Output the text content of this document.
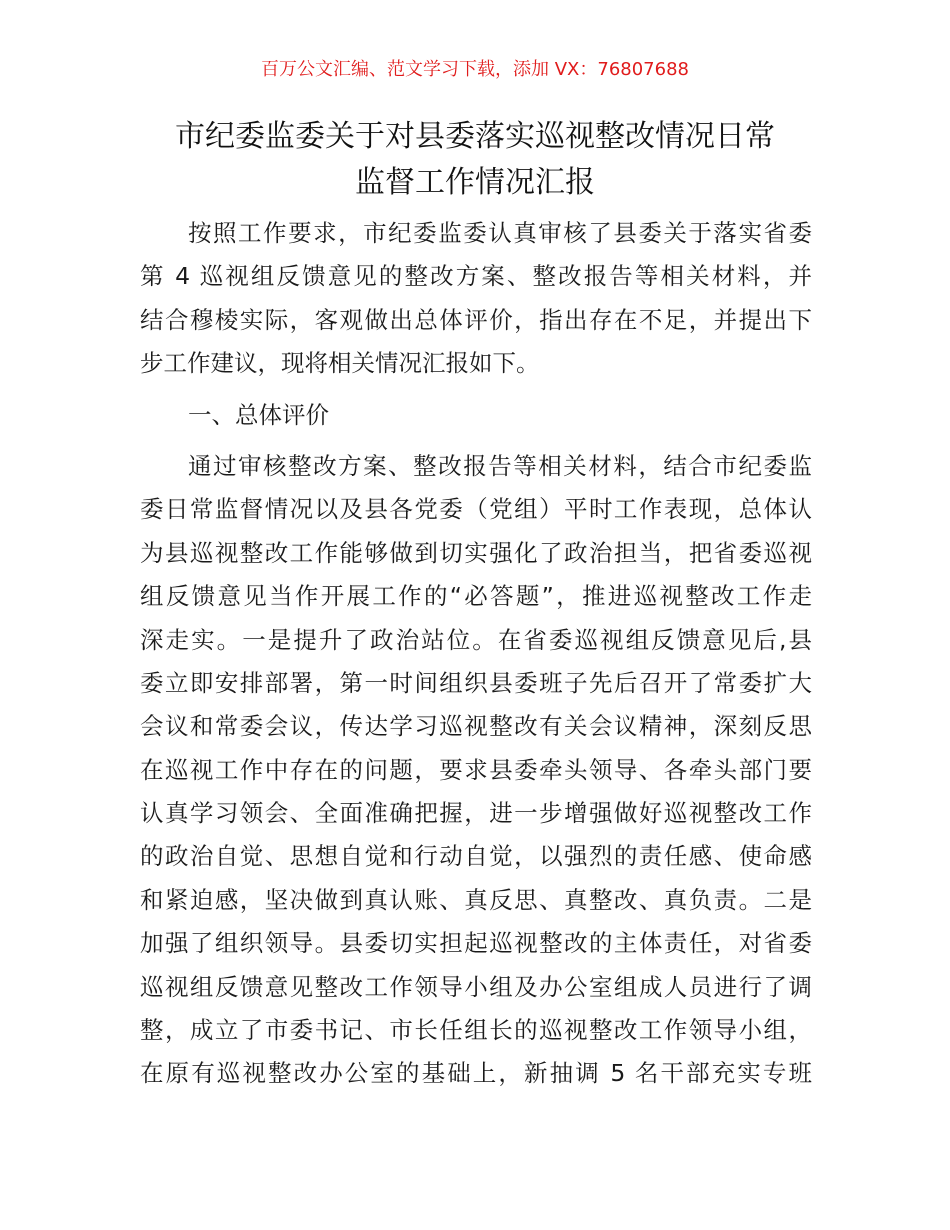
百万公文汇编、范文学习下载，添加 VX：76807688
市纪委监委关于对县委落实巡视整改情况日常
监督工作情况汇报
按照工作要求，市纪委监委认真审核了县委关于落实省委
第 4 巡视组反馈意见的整改方案、整改报告等相关材料，并
结合穆棱实际，客观做出总体评价，指出存在不足，并提出下
步工作建议，现将相关情况汇报如下。
一、总体评价
通过审核整改方案、整改报告等相关材料，结合市纪委监
委日常监督情况以及县各党委（党组）平时工作表现，总体认
为县巡视整改工作能够做到切实强化了政治担当，把省委巡视
组反馈意见当作开展工作的“必答题”，推进巡视整改工作走
深走实。一是提升了政治站位。在省委巡视组反馈意见后,县
委立即安排部署，第一时间组织县委班子先后召开了常委扩大
会议和常委会议，传达学习巡视整改有关会议精神，深刻反思
在巡视工作中存在的问题，要求县委牵头领导、各牵头部门要
认真学习领会、全面准确把握，进一步增强做好巡视整改工作
的政治自觉、思想自觉和行动自觉，以强烈的责任感、使命感
和紧迫感，坚决做到真认账、真反思、真整改、真负责。二是
加强了组织领导。县委切实担起巡视整改的主体责任，对省委
巡视组反馈意见整改工作领导小组及办公室组成人员进行了调
整，成立了市委书记、市长任组长的巡视整改工作领导小组，
在原有巡视整改办公室的基础上，新抽调 5 名干部充实专班
